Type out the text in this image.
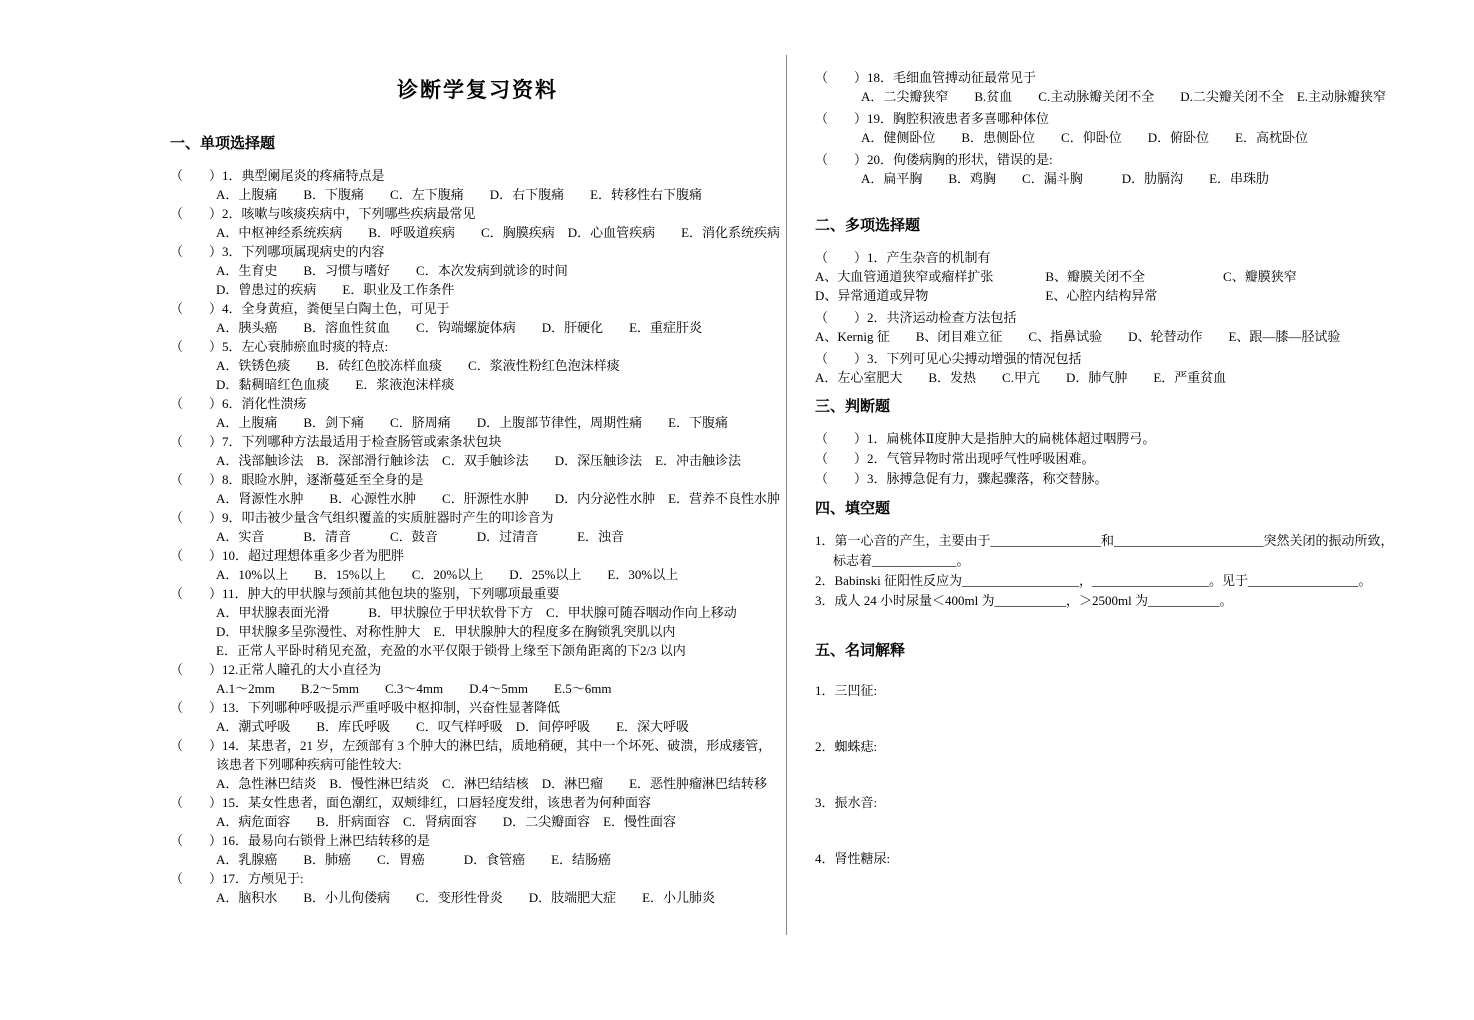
诊断学复习资料
一、单项选择题
（　　）1．典型阑尾炎的疼痛特点是
A．上腹痛　　B．下腹痛　　C．左下腹痛　　D．右下腹痛　　E．转移性右下腹痛
（　　）2．咳嗽与咳痰疾病中，下列哪些疾病最常见
A．中枢神经系统疾病　　B．呼吸道疾病　　C．胸膜疾病　D．心血管疾病　　E．消化系统疾病
（　　）3．下列哪项属现病史的内容
A．生育史　　B．习惯与嗜好　　C．本次发病到就诊的时间
D．曾患过的疾病　　E．职业及工作条件
（　　）4．全身黄疸，粪便呈白陶土色，可见于
A．胰头癌　　B．溶血性贫血　　C．钩端螺旋体病　　D．肝硬化　　E．重症肝炎
（　　）5．左心衰肺瘀血时痰的特点:
A．铁锈色痰　　B．砖红色胶冻样血痰　　C．浆液性粉红色泡沫样痰
D．黏稠暗红色血痰　　E．浆液泡沫样痰
（　　）6．消化性溃疡
A．上腹痛　　B．剑下痛　　C．脐周痛　　D．上腹部节律性，周期性痛　　E．下腹痛
（　　）7．下列哪种方法最适用于检查肠管或索条状包块
A．浅部触诊法　B．深部滑行触诊法　C．双手触诊法　　D．深压触诊法　E．冲击触诊法
（　　）8．眼睑水肿，逐渐蔓延至全身的是
A．肾源性水肿　　B．心源性水肿　　C．肝源性水肿　　D．内分泌性水肿　E．营养不良性水肿
（　　）9．叩击被少量含气组织覆盖的实质脏器时产生的叩诊音为
A．实音　　　B．清音　　　C．鼓音　　　D．过清音　　　E．浊音
（　　）10．超过理想体重多少者为肥胖
A．10%以上　　B．15%以上　　C．20%以上　　D．25%以上　　E．30%以上
（　　）11．肿大的甲状腺与颈前其他包块的鉴别，下列哪项最重要
A．甲状腺表面光滑　　　B．甲状腺位于甲状软骨下方　C．甲状腺可随吞咽动作向上移动
D．甲状腺多呈弥漫性、对称性肿大　E．甲状腺肿大的程度多在胸锁乳突肌以内
E．正常人平卧时稍见充盈，充盈的水平仅限于锁骨上缘至下颌角距离的下2/3 以内
（　　）12.正常人瞳孔的大小直径为
A.1～2mm　　B.2～5mm　　C.3～4mm　　D.4～5mm　　E.5～6mm
（　　）13．下列哪种呼吸提示严重呼吸中枢抑制，兴奋性显著降低
A．潮式呼吸　　B．库氏呼吸　　C．叹气样呼吸　D．间停呼吸　　E．深大呼吸
（　　）14．某患者，21 岁，左颈部有 3 个肿大的淋巴结，质地稍硬，其中一个坏死、破溃，形成瘘管，
该患者下列哪种疾病可能性较大:
A．急性淋巴结炎　B．慢性淋巴结炎　C．淋巴结结核　D．淋巴瘤　　E．恶性肿瘤淋巴结转移
（　　）15．某女性患者，面色潮红，双颊绯红，口唇轻度发绀，该患者为何种面容
A．病危面容　　B．肝病面容　C．肾病面容　　D．二尖瓣面容　E．慢性面容
（　　）16．最易向右锁骨上淋巴结转移的是
A．乳腺癌　　B．肺癌　　C．胃癌　　　D．食管癌　　E．结肠癌
（　　）17．方颅见于:
A．脑积水　　B．小儿佝偻病　　C．变形性骨炎　　D．肢端肥大症　　E．小儿肺炎
（　　）18．毛细血管搏动征最常见于
A．二尖瓣狭窄　　B.贫血　　C.主动脉瓣关闭不全　　D.二尖瓣关闭不全　E.主动脉瓣狭窄
（　　）19．胸腔积液患者多喜哪种体位
A．健侧卧位　　B．患侧卧位　　C．仰卧位　　D．俯卧位　　E．高枕卧位
（　　）20．佝偻病胸的形状，错误的是:
A．扁平胸　　B．鸡胸　　C．漏斗胸　　　D．肋膈沟　　E．串珠肋
二、多项选择题
（　　）1．产生杂音的机制有
A、大血管通道狭窄或瘤样扩张　　　　B、瓣膜关闭不全　　　　　　C、瓣膜狭窄
D、异常通道或异物　　　　　　　　　E、心腔内结构异常
（　　）2．共济运动检查方法包括
A、Kernig 征　　B、闭目难立征　　C、指鼻试验　　D、轮替动作　　E、跟—膝—胫试验
（　　）3．下列可见心尖搏动增强的情况包括
A．左心室肥大　　B．发热　　C.甲亢　　D．肺气肿　　E．严重贫血
三、判断题
（　　）1．扁桃体Ⅱ度肿大是指肿大的扁桃体超过咽腭弓。
（　　）2．气管异物时常出现呼气性呼吸困难。
（　　）3．脉搏急促有力，骤起骤落，称交替脉。
四、填空题
1．第一心音的产生，主要由于_________________和_______________________突然关闭的振动所致，
标志着_____________。
2．Babinski 征阳性反应为__________________，__________________。见于_________________。
3．成人 24 小时尿量＜400ml 为___________，＞2500ml 为___________。
五、名词解释
1．三凹征:
2．蜘蛛痣:
3．振水音:
4．肾性糖尿:
